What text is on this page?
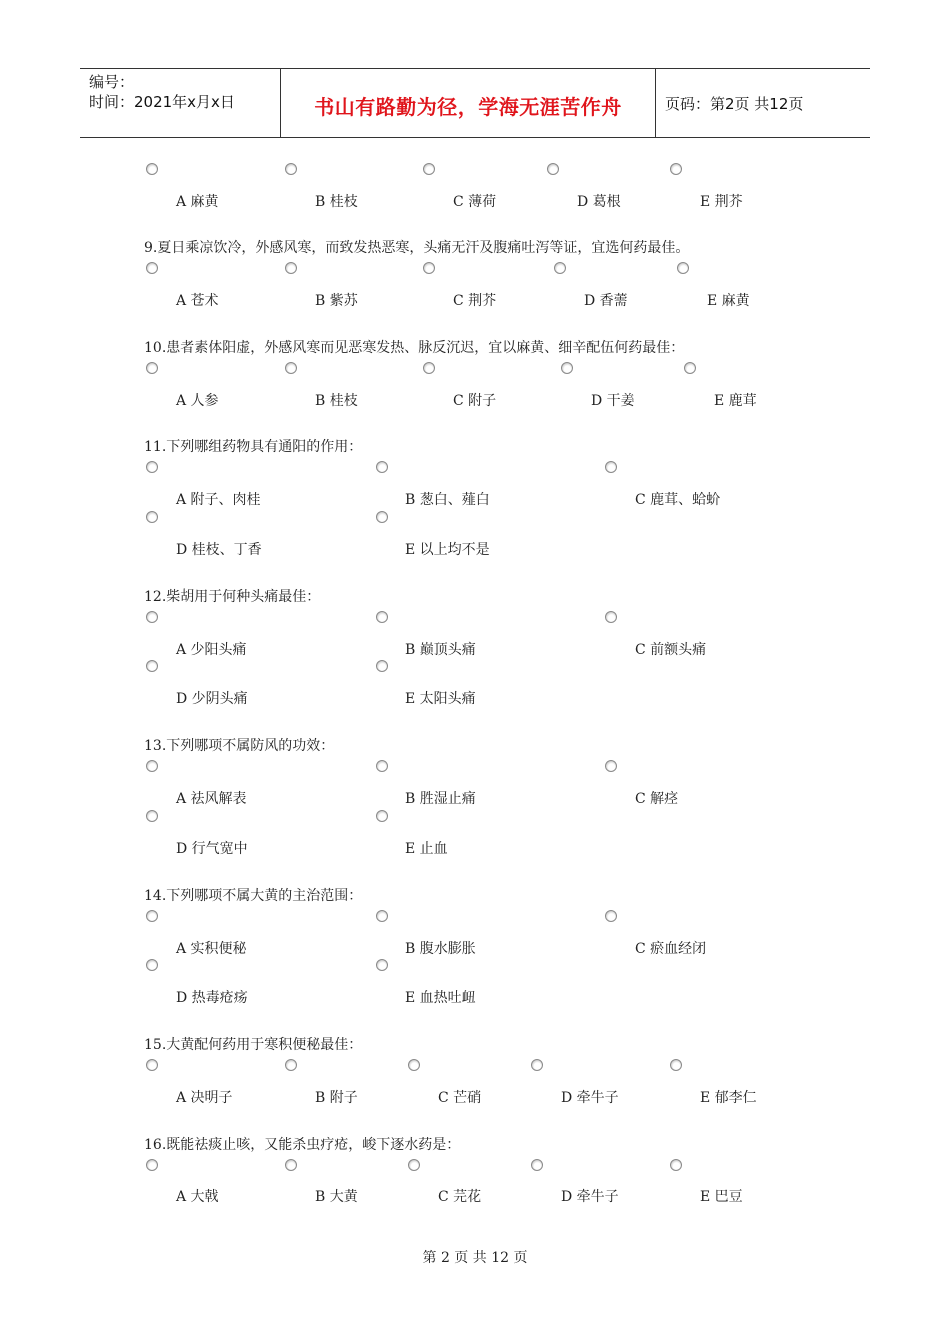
编号：
时间：2021年x月x日	书山有路勤为径，学海无涯苦作舟	页码：第2页 共12页
A 麻黄	B 桂枝	C 薄荷	D 葛根	E 荆芥
9.夏日乘凉饮冷，外感风寒，而致发热恶寒，头痛无汗及腹痛吐泻等证，宜选何药最佳。
A 苍术	B 紫苏	C 荆芥	D 香薷	E 麻黄
10.患者素体阳虚，外感风寒而见恶寒发热、脉反沉迟，宜以麻黄、细辛配伍何药最佳：
A 人参	B 桂枝	C 附子	D 干姜	E 鹿茸
11.下列哪组药物具有通阳的作用：
A 附子、肉桂	B 葱白、薤白	C 鹿茸、蛤蚧
D 桂枝、丁香	E 以上均不是
12.柴胡用于何种头痛最佳：
A 少阳头痛	B 巅顶头痛	C 前额头痛
D 少阴头痛	E 太阳头痛
13.下列哪项不属防风的功效：
A 祛风解表	B 胜湿止痛	C 解痉
D 行气宽中	E 止血
14.下列哪项不属大黄的主治范围：
A 实积便秘	B 腹水膨胀	C 瘀血经闭
D 热毒疮疡	E 血热吐衄
15.大黄配何药用于寒积便秘最佳：
A 决明子	B 附子	C 芒硝	D 牵牛子	E 郁李仁
16.既能祛痰止咳，又能杀虫疗疮，峻下逐水药是：
A 大戟	B 大黄	C 芫花	D 牵牛子	E 巴豆
第 2 页 共 12 页
